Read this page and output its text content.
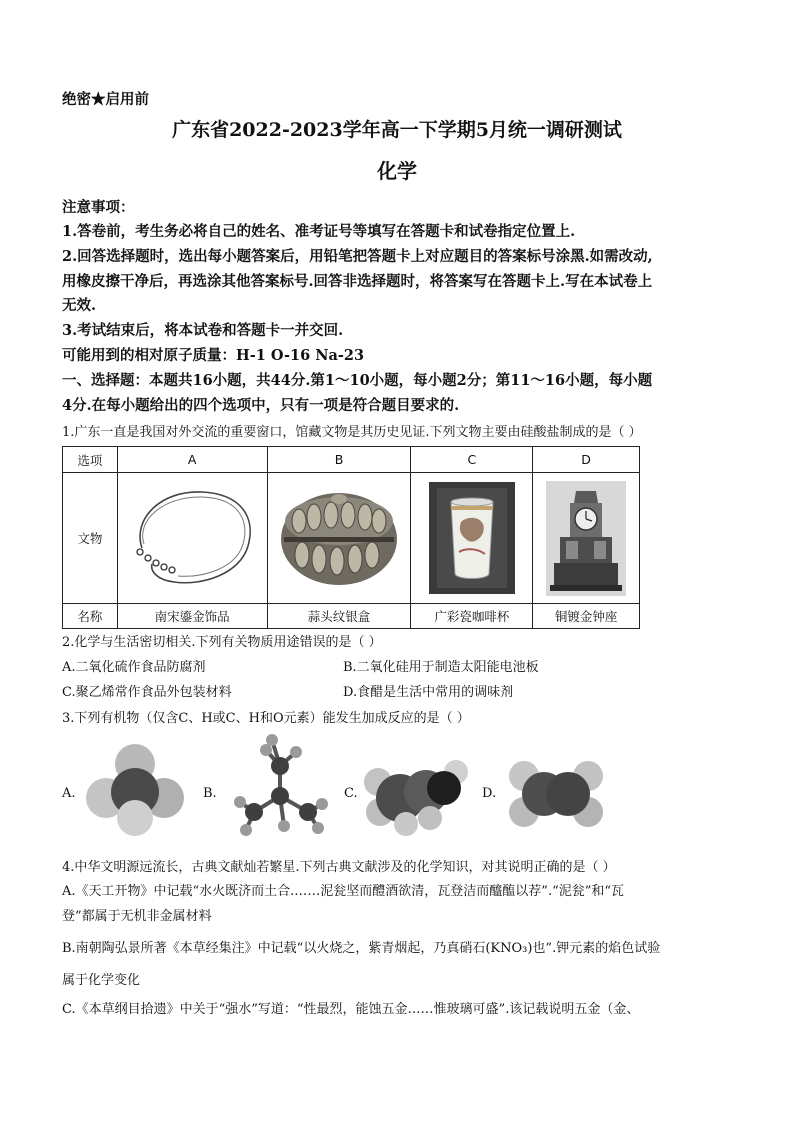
绝密★启用前
广东省2022-2023学年高一下学期5月统一调研测试
化学
注意事项：
1.答卷前，考生务必将自己的姓名、准考证号等填写在答题卡和试卷指定位置上.
2.回答选择题时，选出每小题答案后，用铅笔把答题卡上对应题目的答案标号涂黑.如需改动,
用橡皮擦干净后，再选涂其他答案标号.回答非选择题时，将答案写在答题卡上.写在本试卷上
无效.
3.考试结束后，将本试卷和答题卡一并交回.
可能用到的相对原子质量：H-1 O-16 Na-23
一、选择题：本题共16小题，共44分.第1～10小题，每小题2分；第11～16小题，每小题
4分.在每小题给出的四个选项中，只有一项是符合题目要求的.
1.广东一直是我国对外交流的重要窗口，馆藏文物是其历史见证.下列文物主要由硅酸盐制成的是（ ）
选项	A	B	C	D
文物	

名称	南宋鎏金饰品	蒜头纹银盒	广彩瓷咖啡杯	铜镀金钟座
2.化学与生活密切相关.下列有关物质用途错误的是（ ）
A.二氧化硫作食品防腐剂	B.二氧化硅用于制造太阳能电池板
C.聚乙烯常作食品外包装材料	D.食醋是生活中常用的调味剂
3.下列有机物（仅含C、H或C、H和O元素）能发生加成反应的是（ ）
A.	B.	C.	D.
4.中华文明源远流长，古典文献灿若繁星.下列古典文献涉及的化学知识，对其说明正确的是（ ）
A.《天工开物》中记载“水火既济而土合.……泥瓮坚而醴酒欲清，瓦登洁而醯醢以荐”.“泥瓮”和“瓦
登”都属于无机非金属材料
B.南朝陶弘景所著《本草经集注》中记载“以火烧之，紫青烟起，乃真硝石(KNO₃)也”.钾元素的焰色试验
属于化学变化
C.《本草纲目拾遗》中关于“强水”写道：“性最烈，能蚀五金……惟玻璃可盛”.该记载说明五金（金、
